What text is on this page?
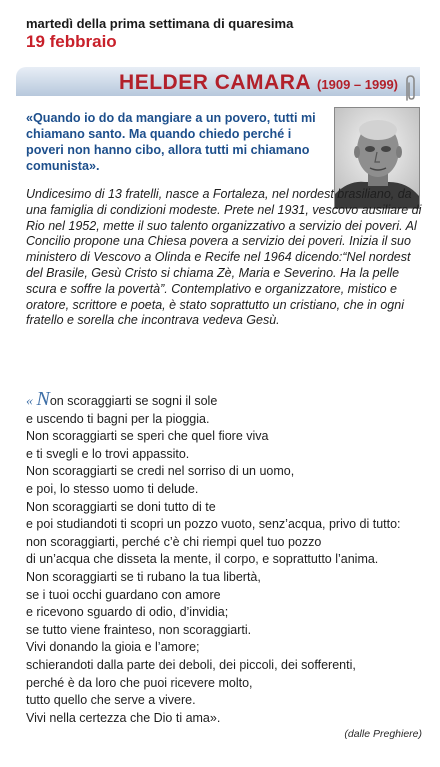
martedì della prima settimana di quaresima
19 febbraio
HELDER CAMARA (1909 – 1999)
«Quando io do da mangiare a un povero, tutti mi chiamano santo. Ma quando chiedo perché i poveri non hanno cibo, allora tutti mi chiamano comunista».

Undicesimo di 13 fratelli, nasce a Fortaleza, nel nordest brasiliano, da una famiglia di condizioni modeste. Prete nel 1931, vescovo ausiliare di Rio nel 1952, mette il suo talento organizzativo a servizio dei poveri. Al Concilio propone una Chiesa povera a servizio dei poveri. Inizia il suo ministero di Vescovo a Olinda e Recife nel 1964 dicendo:“Nel nordest del Brasile, Gesù Cristo si chiama Zè, Maria e Severino. Ha la pelle scura e soffre la povertà”. Contemplativo e organizzatore, mistico e oratore, scrittore e poeta, è stato soprattutto un cristiano, che in ogni fratello e sorella che incontrava vedeva Gesù.

« Non scoraggiarti se sogni il sole
e uscendo ti bagni per la pioggia.
Non scoraggiarti se speri che quel fiore viva
e ti svegli e lo trovi appassito.
Non scoraggiarti se credi nel sorriso di un uomo,
e poi, lo stesso uomo ti delude.
Non scoraggiarti se doni tutto di te
e poi studiandoti ti scopri un pozzo vuoto, senz’acqua, privo di tutto:
non scoraggiarti, perché c’è chi riempi quel tuo pozzo
di un’acqua che disseta la mente, il corpo, e soprattutto l’anima.
Non scoraggiarti se ti rubano la tua libertà,
se i tuoi occhi guardano con amore
e ricevono sguardo di odio, d’invidia;
se tutto viene frainteso, non scoraggiarti.
Vivi donando la gioia e l’amore;
schierandoti dalla parte dei deboli, dei piccoli, dei sofferenti,
perché è da loro che puoi ricevere molto,
tutto quello che serve a vivere.
Vivi nella certezza che Dio ti ama».
(dalle Preghiere)
